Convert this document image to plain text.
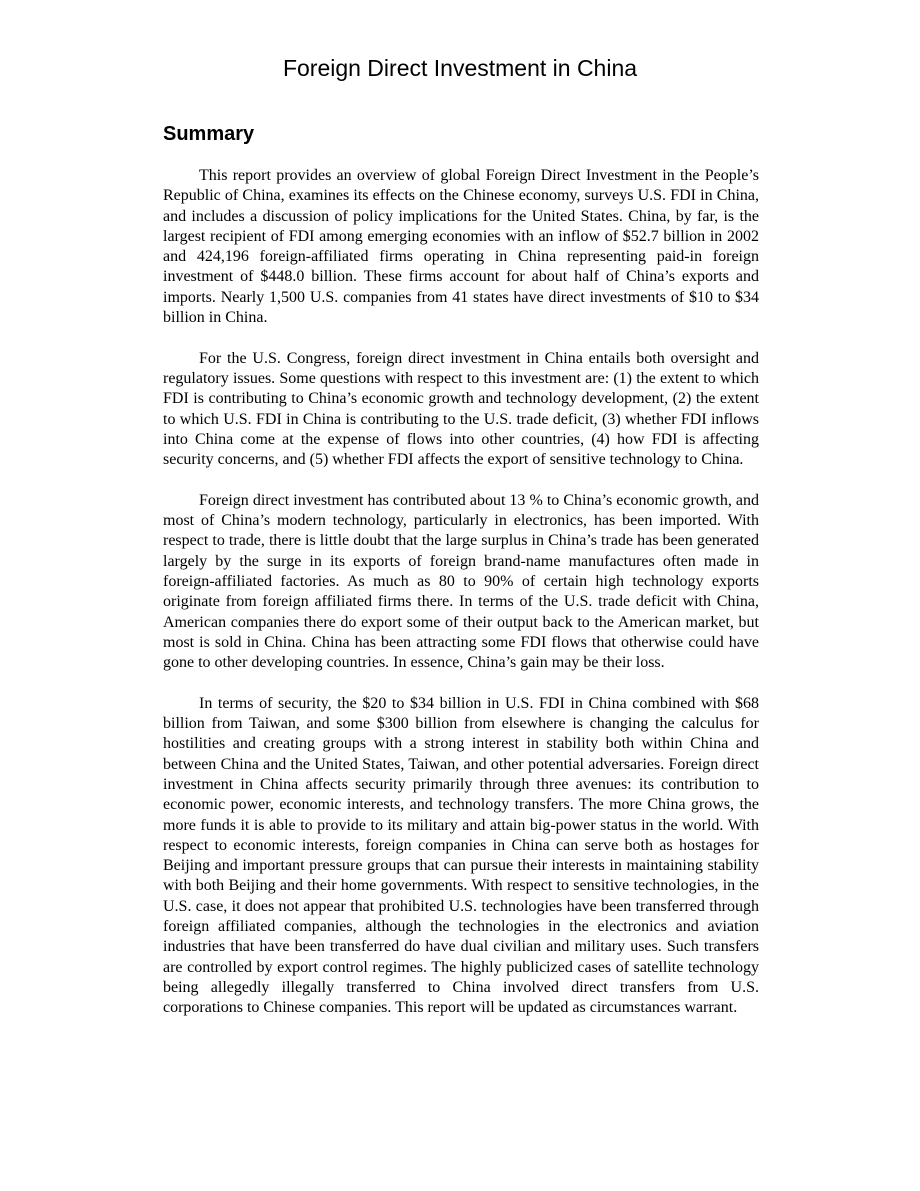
Foreign Direct Investment in China
Summary

This report provides an overview of global Foreign Direct Investment in the People’s Republic of China, examines its effects on the Chinese economy, surveys U.S. FDI in China, and includes a discussion of policy implications for the United States. China, by far, is the largest recipient of FDI among emerging economies with an inflow of $52.7 billion in 2002 and 424,196 foreign-affiliated firms operating in China representing paid-in foreign investment of $448.0 billion. These firms account for about half of China’s exports and imports. Nearly 1,500 U.S. companies from 41 states have direct investments of $10 to $34 billion in China.

For the U.S. Congress, foreign direct investment in China entails both oversight and regulatory issues. Some questions with respect to this investment are: (1) the extent to which FDI is contributing to China’s economic growth and technology development, (2) the extent to which U.S. FDI in China is contributing to the U.S. trade deficit, (3) whether FDI inflows into China come at the expense of flows into other countries, (4) how FDI is affecting security concerns, and (5) whether FDI affects the export of sensitive technology to China.

Foreign direct investment has contributed about 13 % to China’s economic growth, and most of China’s modern technology, particularly in electronics, has been imported. With respect to trade, there is little doubt that the large surplus in China’s trade has been generated largely by the surge in its exports of foreign brand-name manufactures often made in foreign-affiliated factories. As much as 80 to 90% of certain high technology exports originate from foreign affiliated firms there. In terms of the U.S. trade deficit with China, American companies there do export some of their output back to the American market, but most is sold in China. China has been attracting some FDI flows that otherwise could have gone to other developing countries. In essence, China’s gain may be their loss.

In terms of security, the $20 to $34 billion in U.S. FDI in China combined with $68 billion from Taiwan, and some $300 billion from elsewhere is changing the calculus for hostilities and creating groups with a strong interest in stability both within China and between China and the United States, Taiwan, and other potential adversaries. Foreign direct investment in China affects security primarily through three avenues: its contribution to economic power, economic interests, and technology transfers. The more China grows, the more funds it is able to provide to its military and attain big-power status in the world. With respect to economic interests, foreign companies in China can serve both as hostages for Beijing and important pressure groups that can pursue their interests in maintaining stability with both Beijing and their home governments. With respect to sensitive technologies, in the U.S. case, it does not appear that prohibited U.S. technologies have been transferred through foreign affiliated companies, although the technologies in the electronics and aviation industries that have been transferred do have dual civilian and military uses. Such transfers are controlled by export control regimes. The highly publicized cases of satellite technology being allegedly illegally transferred to China involved direct transfers from U.S. corporations to Chinese companies. This report will be updated as circumstances warrant.
